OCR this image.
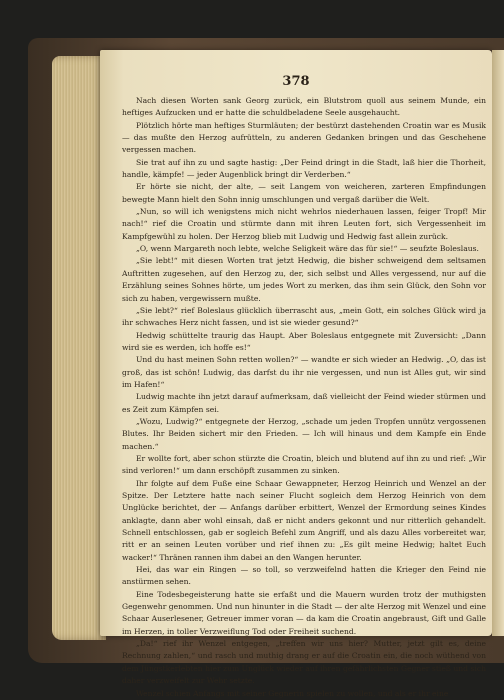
378

Nach diesen Worten sank Georg zurück, ein Blutstrom quoll aus seinem Munde, ein heftiges Aufzucken und er hatte die schuldbeladene Seele ausgehaucht.

Plötzlich hörte man heftiges Sturmläuten; der bestürzt dastehenden Croatin war es Musik — das mußte den Herzog aufrütteln, zu anderen Gedanken bringen und das Geschehene vergessen machen.

Sie trat auf ihn zu und sagte hastig: „Der Feind dringt in die Stadt, laß hier die Thorheit, handle, kämpfe! — jeder Augenblick bringt dir Verderben.“

Er hörte sie nicht, der alte, — seit Langem von weicheren, zarteren Empfindungen bewegte Mann hielt den Sohn innig umschlungen und vergaß darüber die Welt.

„Nun, so will ich wenigstens mich nicht wehrlos niederhauen lassen, feiger Tropf! Mir nach!“ rief die Croatin und stürmte dann mit ihren Leuten fort, sich Vergessenheit im Kampfgewühl zu holen. Der Herzog blieb mit Ludwig und Hedwig fast allein zurück.

„O, wenn Margareth noch lebte, welche Seligkeit wäre das für sie!“ — seufzte Boleslaus.

„Sie lebt!“ mit diesen Worten trat jetzt Hedwig, die bisher schweigend dem seltsamen Auftritten zugesehen, auf den Herzog zu, der, sich selbst und Alles vergessend, nur auf die Erzählung seines Sohnes hörte, um jedes Wort zu merken, das ihm sein Glück, den Sohn vor sich zu haben, vergewissern mußte.

„Sie lebt?“ rief Boleslaus glücklich überrascht aus, „mein Gott, ein solches Glück wird ja ihr schwaches Herz nicht fassen, und ist sie wieder gesund?“

Hedwig schüttelte traurig das Haupt. Aber Boleslaus entgegnete mit Zuversicht: „Dann wird sie es werden, ich hoffe es!“

Und du hast meinen Sohn retten wollen?“ — wandte er sich wieder an Hedwig. „O, das ist groß, das ist schön! Ludwig, das darfst du ihr nie vergessen, und nun ist Alles gut, wir sind im Hafen!“

Ludwig machte ihn jetzt darauf aufmerksam, daß vielleicht der Feind wieder stürmen und es Zeit zum Kämpfen sei.

„Wozu, Ludwig?“ entgegnete der Herzog, „schade um jeden Tropfen unnütz vergossenen Blutes. Ihr Beiden sichert mir den Frieden. — Ich will hinaus und dem Kampfe ein Ende machen.“

Er wollte fort, aber schon stürzte die Croatin, bleich und blutend auf ihn zu und rief: „Wir sind verloren!“ um dann erschöpft zusammen zu sinken.

Ihr folgte auf dem Fuße eine Schaar Gewappneter, Herzog Heinrich und Wenzel an der Spitze. Der Letztere hatte nach seiner Flucht sogleich dem Herzog Heinrich von dem Unglücke berichtet, der — Anfangs darüber erbittert, Wenzel der Ermordung seines Kindes anklagte, dann aber wohl einsah, daß er nicht anders gekonnt und nur ritterlich gehandelt. Schnell entschlossen, gab er sogleich Befehl zum Angriff, und als dazu Alles vorbereitet war, ritt er an seinen Leuten vorüber und rief ihnen zu: „Es gilt meine Hedwig; haltet Euch wacker!“ Thränen rannen ihm dabei an den Wangen herunter.

Hei, das war ein Ringen — so toll, so verzweifelnd hatten die Krieger den Feind nie anstürmen sehen.

Eine Todesbegeisterung hatte sie erfaßt und die Mauern wurden trotz der muthigsten Gegenwehr genommen. Und nun hinunter in die Stadt — der alte Herzog mit Wenzel und eine Schaar Auserlesener, Getreuer immer voran — da kam die Croatin angebraust, Gift und Galle im Herzen, in toller Verzweiflung Tod oder Freiheit suchend.

„Da!“ rief ihr Wenzel entgegen, „treffen wir uns hier? Mutter, jetzt gilt es, deine Rechnung zahlen,“ und rasch und muthig drang er auf die Croatin ein, die noch wüthend von dem Jüngstkerlebten hier zum Unglück wieder auf ihren gefährlichsten Gegner stieß und sich daher verzweifelt zur Wehr setzte.

Wenzel schien Anfangs mit seiner Gegnerin spielen zu wollen, und als er ihr eine
